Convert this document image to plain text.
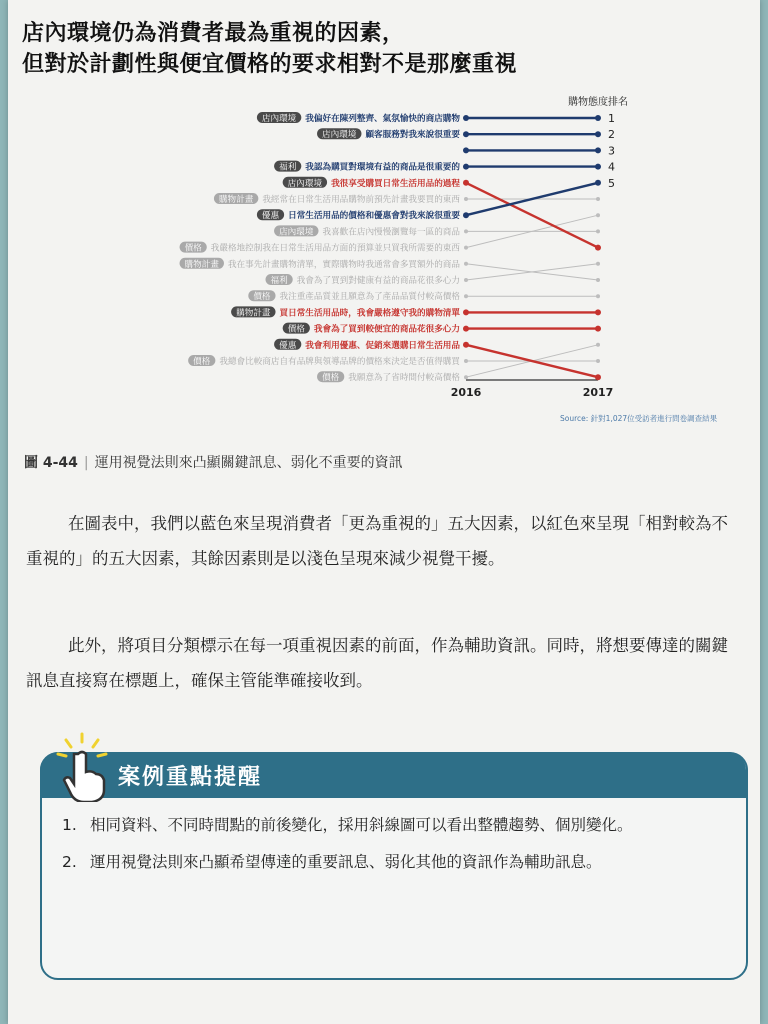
店內環境仍為消費者最為重視的因素，
但對於計劃性與便宜價格的要求相對不是那麼重視
購物態度排名
2016	2017
1
2
3
4
5
我偏好在陳列整齊、氣氛愉快的商店購物
店內環境
顧客服務對我來說很重要
店內環境
我認為購買對環境有益的商品是很重要的
福利
我很享受購買日常生活用品的過程
店內環境
我經常在日常生活用品購物前預先計畫我要買的東西
購物計畫
日常生活用品的價格和優惠會對我來說很重要
優惠
我喜歡在店內慢慢瀏覽每一區的商品
店內環境
我嚴格地控制我在日常生活用品方面的預算並只買我所需要的東西
價格
我在事先計畫購物清單，實際購物時我通常會多買額外的商品
購物計畫
我會為了買到對健康有益的商品花很多心力
福利
我注重產品質並且願意為了產品品質付較高價格
價格
買日常生活用品時，我會嚴格遵守我的購物清單
購物計畫
我會為了買到較便宜的商品花很多心力
價格
我會利用優惠、促銷來選購日常生活用品
優惠
我總會比較商店自有品牌與領導品牌的價格來決定是否值得購買
價格
我願意為了省時間付較高價格
價格
Source: 針對1,027位受訪者進行問卷調查結果
圖 4-44 | 運用視覺法則來凸顯關鍵訊息、弱化不重要的資訊
在圖表中，我們以藍色來呈現消費者「更為重視的」五大因素，以紅色來呈現「相對較為不重視的」的五大因素，其餘因素則是以淺色呈現來減少視覺干擾。
此外，將項目分類標示在每一項重視因素的前面，作為輔助資訊。同時，將想要傳達的關鍵訊息直接寫在標題上，確保主管能準確接收到。
案例重點提醒
1. 相同資料、不同時間點的前後變化，採用斜線圖可以看出整體趨勢、個別變化。
2. 運用視覺法則來凸顯希望傳達的重要訊息、弱化其他的資訊作為輔助訊息。
